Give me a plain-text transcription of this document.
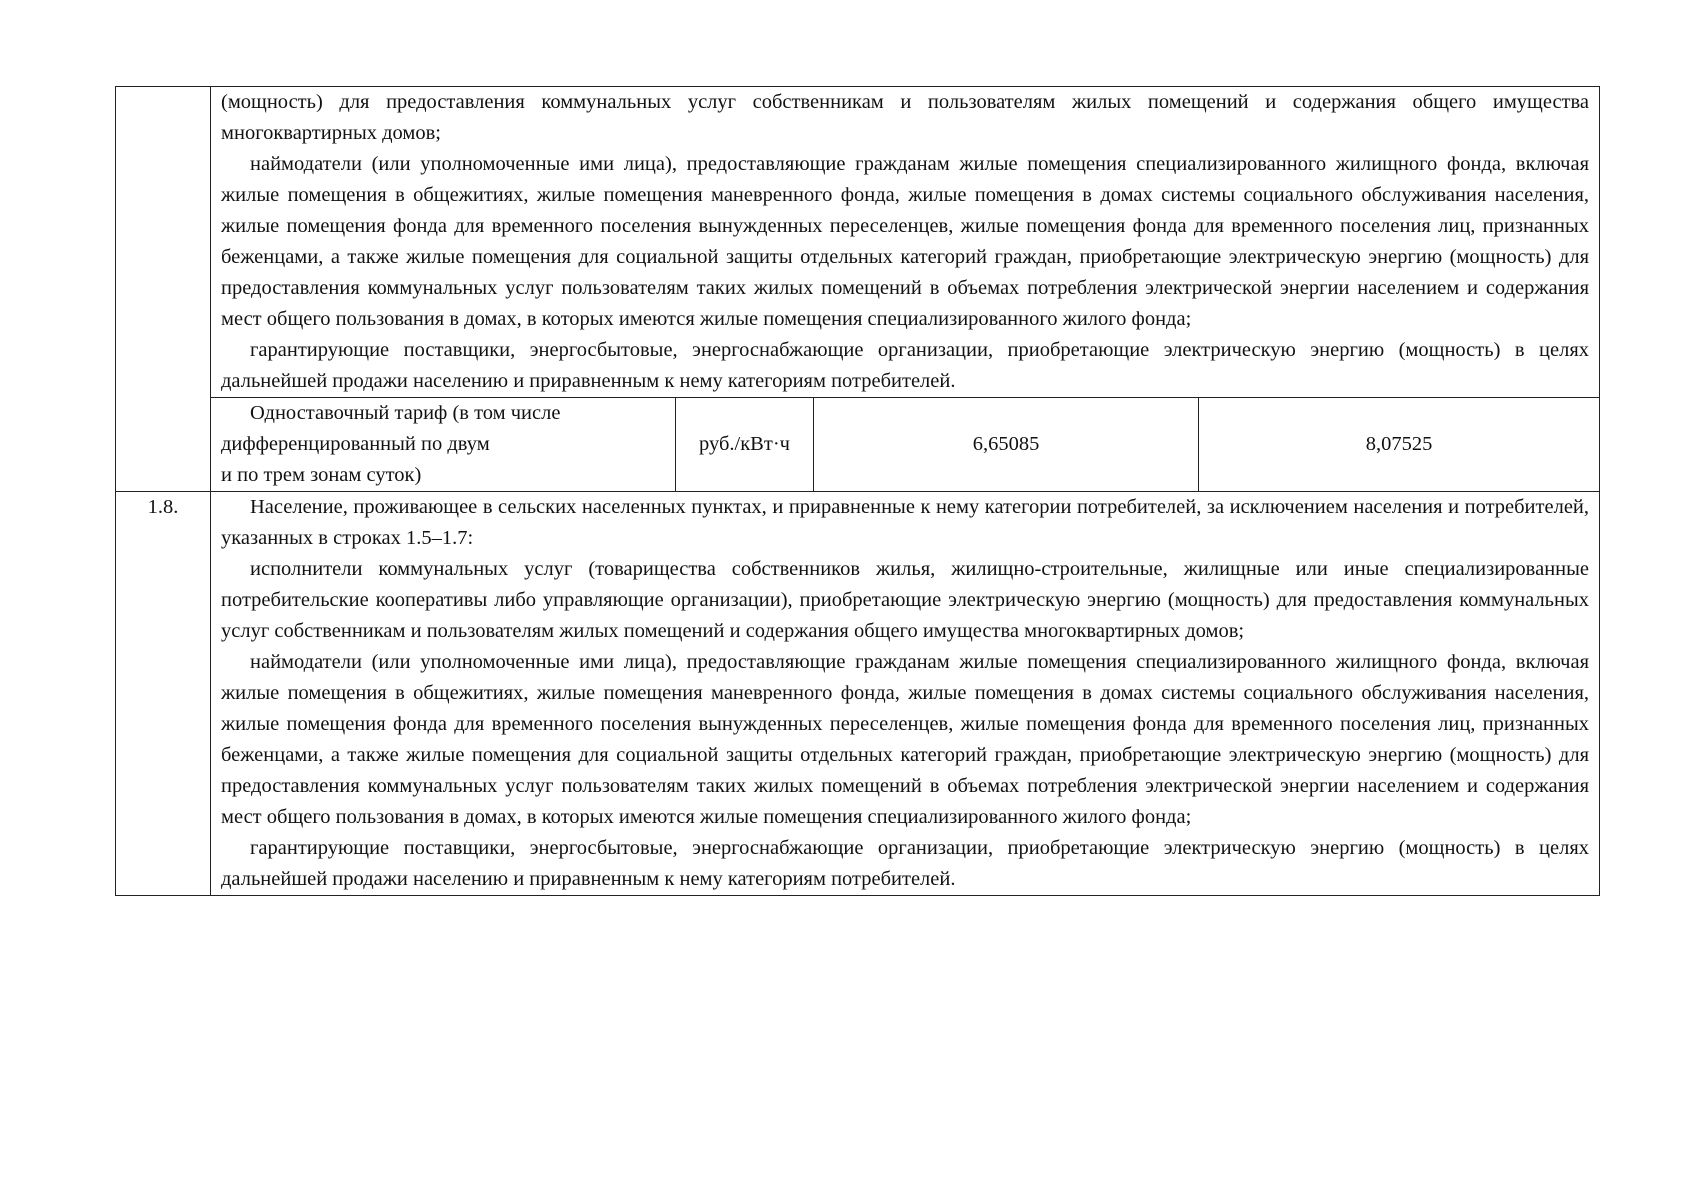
	(мощность) для предоставления коммунальных услуг собственникам и пользователям жилых помещений и содержания общего имущества многоквартирных домов;

наймодатели (или уполномоченные ими лица), предоставляющие гражданам жилые помещения специализированного жилищного фонда, включая жилые помещения в общежитиях, жилые помещения маневренного фонда, жилые помещения в домах системы социального обслуживания населения, жилые помещения фонда для временного поселения вынужденных переселенцев, жилые помещения фонда для временного поселения лиц, признанных беженцами, а также жилые помещения для социальной защиты отдельных категорий граждан, приобретающие электрическую энергию (мощность) для предоставления коммунальных услуг пользователям таких жилых помещений в объемах потребления электрической энергии населением и содержания мест общего пользования в домах, в которых имеются жилые помещения специализированного жилого фонда;

гарантирующие поставщики, энергосбытовые, энергоснабжающие организации, приобретающие электрическую энергию (мощность) в целях дальнейшей продажи населению и приравненным к нему категориям потребителей.			

	Одноставочный тариф (в том числе
дифференцированный по двум
и по трем зонам суток)	руб./кВт·ч	6,65085	8,07525
1.8.	Население, проживающее в сельских населенных пунктах, и приравненные к нему категории потребителей, за исключением населения и потребителей, указанных в строках 1.5–1.7:

исполнители коммунальных услуг (товарищества собственников жилья, жилищно-строительные, жилищные или иные специализированные потребительские кооперативы либо управляющие организации), приобретающие электрическую энергию (мощность) для предоставления коммунальных услуг собственникам и пользователям жилых помещений и содержания общего имущества многоквартирных домов;

наймодатели (или уполномоченные ими лица), предоставляющие гражданам жилые помещения специализированного жилищного фонда, включая жилые помещения в общежитиях, жилые помещения маневренного фонда, жилые помещения в домах системы социального обслуживания населения, жилые помещения фонда для временного поселения вынужденных переселенцев, жилые помещения фонда для временного поселения лиц, признанных беженцами, а также жилые помещения для социальной защиты отдельных категорий граждан, приобретающие электрическую энергию (мощность) для предоставления коммунальных услуг пользователям таких жилых помещений в объемах потребления электрической энергии населением и содержания мест общего пользования в домах, в которых имеются жилые помещения специализированного жилого фонда;

гарантирующие поставщики, энергосбытовые, энергоснабжающие организации, приобретающие электрическую энергию (мощность) в целях дальнейшей продажи населению и приравненным к нему категориям потребителей.			
